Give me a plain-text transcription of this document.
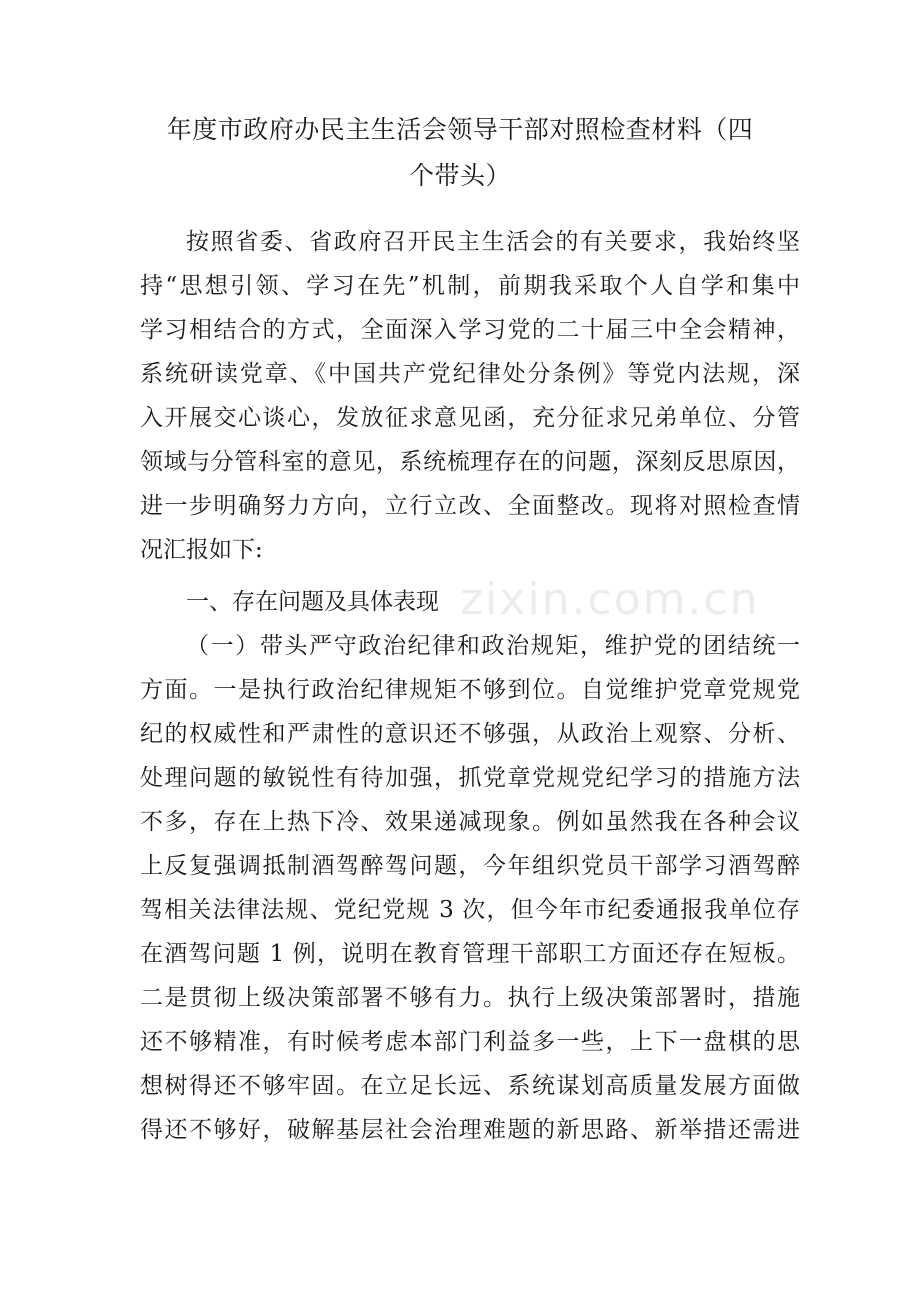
年度市政府办民主生活会领导干部对照检查材料（四
个带头）
按照省委、省政府召开民主生活会的有关要求，我始终坚
持“思想引领、学习在先”机制，前期我采取个人自学和集中
学习相结合的方式，全面深入学习党的二十届三中全会精神，
系统研读党章、《中国共产党纪律处分条例》等党内法规，深
入开展交心谈心，发放征求意见函，充分征求兄弟单位、分管
领域与分管科室的意见，系统梳理存在的问题，深刻反思原因，
进一步明确努力方向，立行立改、全面整改。现将对照检查情
况汇报如下:
一、存在问题及具体表现
（一）带头严守政治纪律和政治规矩，维护党的团结统一
方面。一是执行政治纪律规矩不够到位。自觉维护党章党规党
纪的权威性和严肃性的意识还不够强，从政治上观察、分析、
处理问题的敏锐性有待加强，抓党章党规党纪学习的措施方法
不多，存在上热下冷、效果递减现象。例如虽然我在各种会议
上反复强调抵制酒驾醉驾问题，今年组织党员干部学习酒驾醉
驾相关法律法规、党纪党规 3 次，但今年市纪委通报我单位存
在酒驾问题 1 例，说明在教育管理干部职工方面还存在短板。
二是贯彻上级决策部署不够有力。执行上级决策部署时，措施
还不够精准，有时候考虑本部门利益多一些，上下一盘棋的思
想树得还不够牢固。在立足长远、系统谋划高质量发展方面做
得还不够好，破解基层社会治理难题的新思路、新举措还需进
zixin.com.cn
